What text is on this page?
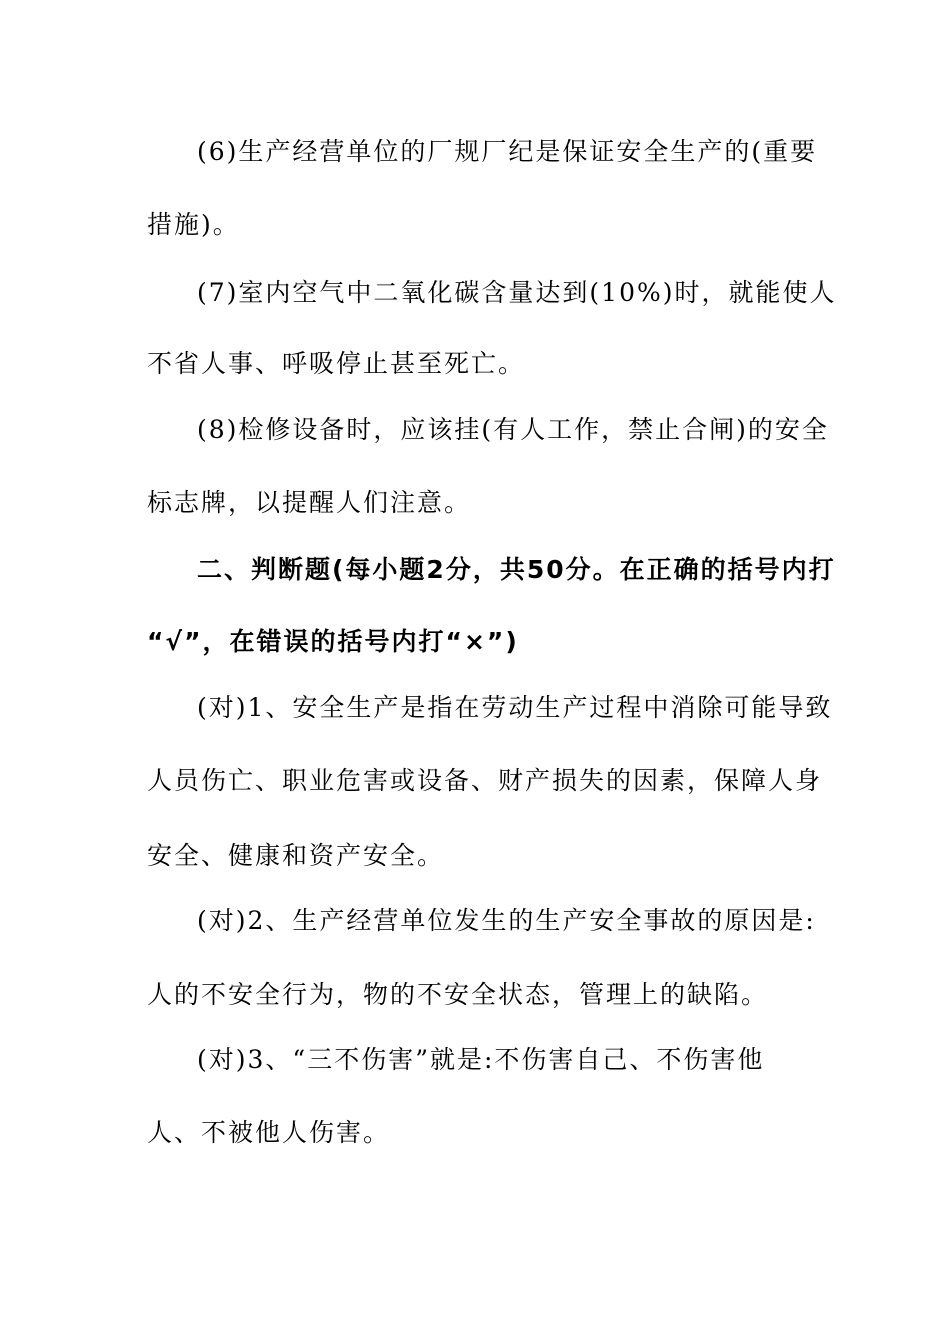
(6)生产经营单位的厂规厂纪是保证安全生产的(重要
措施)。
(7)室内空气中二氧化碳含量达到(10%)时，就能使人
不省人事、呼吸停止甚至死亡。
(8)检修设备时，应该挂(有人工作，禁止合闸)的安全
标志牌，以提醒人们注意。
二、判断题(每小题2分，共50分。在正确的括号内打
“√”，在错误的括号内打“×”)
(对)1、安全生产是指在劳动生产过程中消除可能导致
人员伤亡、职业危害或设备、财产损失的因素，保障人身
安全、健康和资产安全。
(对)2、生产经营单位发生的生产安全事故的原因是:
人的不安全行为，物的不安全状态，管理上的缺陷。
(对)3、“三不伤害”就是:不伤害自己、不伤害他
人、不被他人伤害。
